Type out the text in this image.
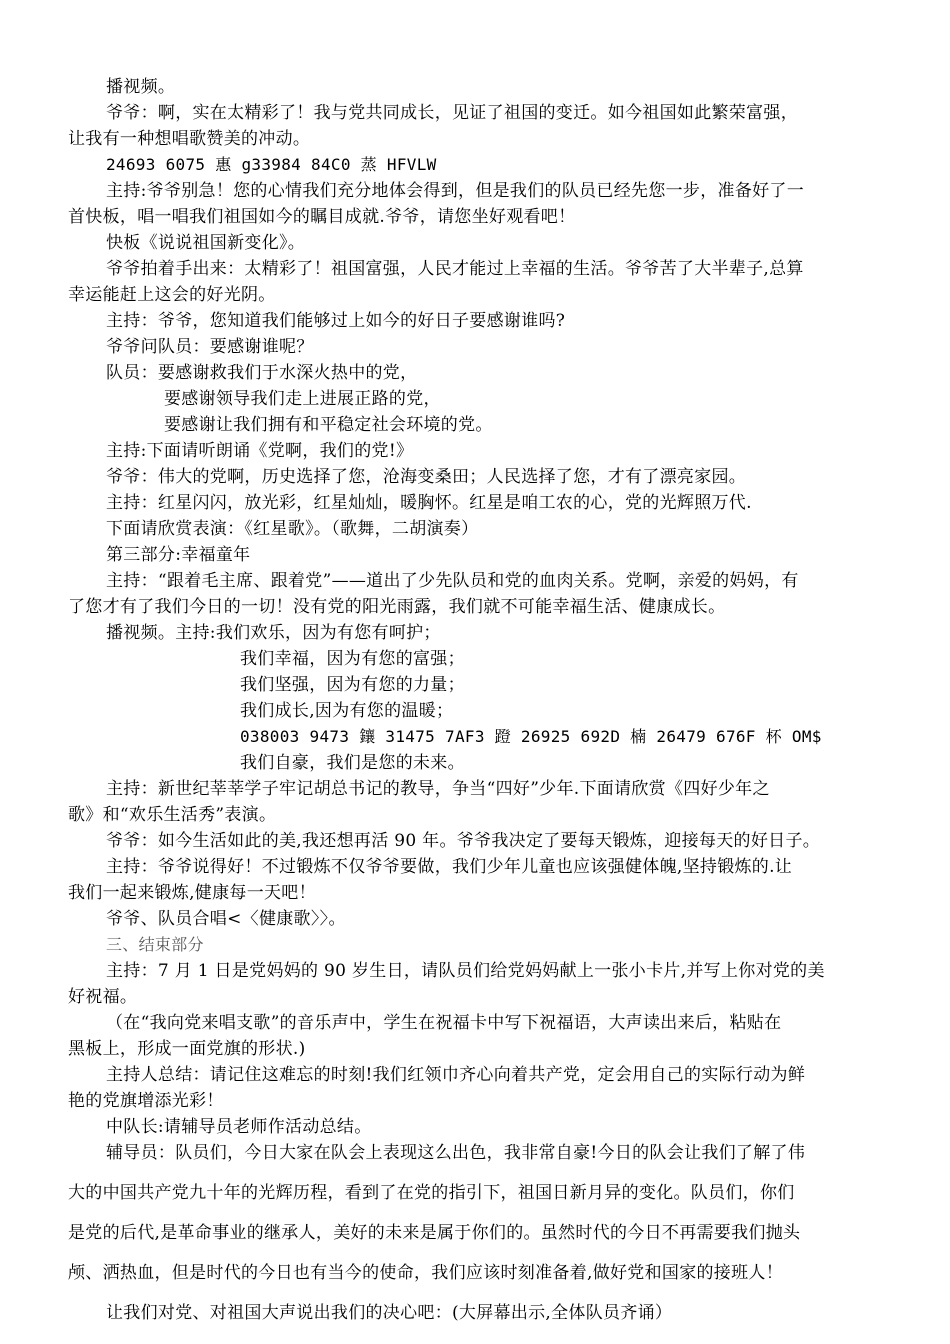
播视频。
爷爷：啊，实在太精彩了！我与党共同成长，见证了祖国的变迁。如今祖国如此繁荣富强，
让我有一种想唱歌赞美的冲动。
24693 6075 惠 g33984 84C0 蒸 HFVLW
主持:爷爷别急！您的心情我们充分地体会得到，但是我们的队员已经先您一步，准备好了一
首快板，唱一唱我们祖国如今的瞩目成就.爷爷，请您坐好观看吧！
快板《说说祖国新变化》。
爷爷拍着手出来：太精彩了！祖国富强，人民才能过上幸福的生活。爷爷苦了大半辈子,总算
幸运能赶上这会的好光阴。
主持：爷爷，您知道我们能够过上如今的好日子要感谢谁吗?
爷爷问队员：要感谢谁呢？
队员：要感谢救我们于水深火热中的党，
要感谢领导我们走上进展正路的党，
要感谢让我们拥有和平稳定社会环境的党。
主持:下面请听朗诵《党啊，我们的党!》
爷爷：伟大的党啊，历史选择了您，沧海变桑田；人民选择了您，才有了漂亮家园。
主持：红星闪闪，放光彩，红星灿灿，暖胸怀。红星是咱工农的心，党的光辉照万代.
下面请欣赏表演：《红星歌》。（歌舞，二胡演奏）
第三部分:幸福童年
主持：“跟着毛主席、跟着党”——道出了少先队员和党的血肉关系。党啊，亲爱的妈妈，有
了您才有了我们今日的一切！没有党的阳光雨露，我们就不可能幸福生活、健康成长。
播视频。主持:我们欢乐，因为有您有呵护；
我们幸福，因为有您的富强；
我们坚强，因为有您的力量；
我们成长,因为有您的温暖；
038003 9473 鑲 31475 7AF3 蹬 26925 692D 楠 26479 676F 杯 OM$
我们自豪，我们是您的未来。
主持：新世纪莘莘学子牢记胡总书记的教导，争当“四好”少年.下面请欣赏《四好少年之
歌》和“欢乐生活秀”表演。
爷爷：如今生活如此的美,我还想再活 90 年。爷爷我决定了要每天锻炼，迎接每天的好日子。
主持：爷爷说得好！不过锻炼不仅爷爷要做，我们少年儿童也应该强健体魄,坚持锻炼的.让
我们一起来锻炼,健康每一天吧！
爷爷、队员合唱<〈健康歌〉〉。
三、结束部分
主持：7 月 1 日是党妈妈的 90 岁生日，请队员们给党妈妈献上一张小卡片,并写上你对党的美
好祝福。
（在“我向党来唱支歌”的音乐声中，学生在祝福卡中写下祝福语，大声读出来后，粘贴在
黑板上，形成一面党旗的形状.)
主持人总结：请记住这难忘的时刻!我们红领巾齐心向着共产党，定会用自己的实际行动为鲜
艳的党旗增添光彩！
中队长:请辅导员老师作活动总结。
辅导员：队员们，今日大家在队会上表现这么出色，我非常自豪!今日的队会让我们了解了伟
大的中国共产党九十年的光辉历程，看到了在党的指引下，祖国日新月异的变化。队员们，你们
是党的后代,是革命事业的继承人，美好的未来是属于你们的。虽然时代的今日不再需要我们抛头
颅、洒热血，但是时代的今日也有当今的使命，我们应该时刻准备着,做好党和国家的接班人！
让我们对党、对祖国大声说出我们的决心吧：(大屏幕出示,全体队员齐诵）
